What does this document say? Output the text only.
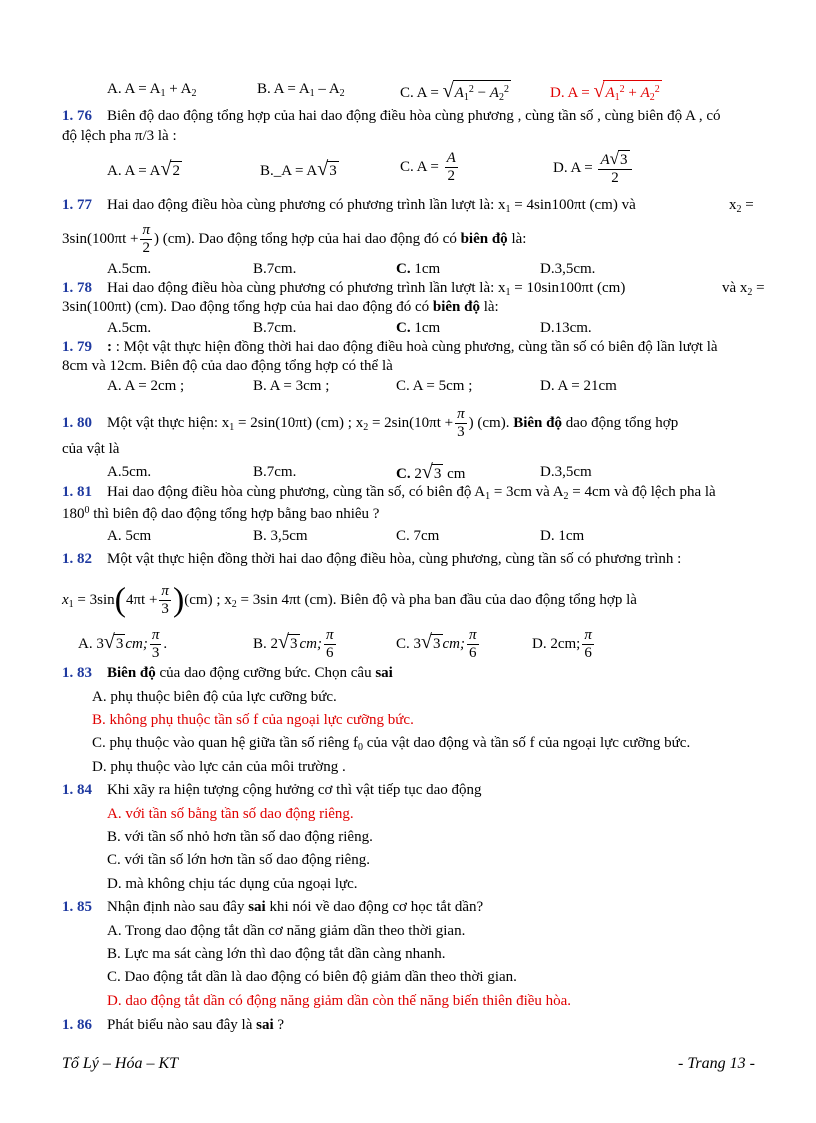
A. $A = A_1 + A_2$	B. $A = A_1 - A_2$	C. $A = √A_1^2 - A_2^2$	D. $A = √A_1^2 + A_2^2$
1. 76 Biên độ dao động tổng hợp của hai dao động điều hòa cùng phương , cùng tần số , cùng biên độ A , có
độ lệch pha π/3 là :
A. A = A√2	B._A = A√3	C. $A = \frac{A}{2}$	D. $A = \frac{A√3}{2}$
1. 77 Hai dao động điều hòa cùng phương có phương trình lần lượt là: $x_1 = 4\sin 100\pi t$ (cm) và	$x_2$ =
$3\sin(100\pi t + \frac{\pi}{2}$ ) (cm). Dao động tổng hợp của hai dao động đó có biên độ là:
A.5cm.	B.7cm.	C. 1cm	D.3,5cm.
1. 78 Hai dao động điều hòa cùng phương có phương trình lần lượt là: $x_1 = 10\sin 100\pi t$ (cm)	và $x_2$ =
3sin(100πt) (cm). Dao động tổng hợp của hai dao động đó có biên độ là:
A.5cm.	B.7cm.	C. 1cm	D.13cm.
1. 79 : : Một vật thực hiện đồng thời hai dao động điều hoà cùng phương, cùng tần số có biên độ lần lượt là
8cm và 12cm. Biên độ của dao động tổng hợp có thể là
A. A = 2cm ;	B. A = 3cm ;	C. A = 5cm ;	D. A = 21cm
1. 80 Một vật thực hiện: $x_1 = 2\sin(10\pi t)$ (cm) ; $x_2 = 2\sin(10\pi t + \frac{\pi}{3}$ ) (cm). Biên độ dao động tổng hợp
của vật là
A.5cm.	B.7cm.	C. 2√3 cm	D.3,5cm
1. 81 Hai dao động điều hòa cùng phương, cùng tần số, có biên độ $A_1 = 3cm$ và $A_2 = 4cm$ và độ lệch pha là
$180^0$ thì biên độ dao động tổng hợp bằng bao nhiêu ?
A. 5cm	B. 3,5cm	C. 7cm	D. 1cm
1. 82 Một vật thực hiện đồng thời hai dao động điều hòa, cùng phương, cùng tần số có phương trình :
$x_1 = 3\sin(4\pi t + \frac{\pi}{3} )(cm)$ ; $x_2 = 3\sin$ 4πt (cm). Biên độ và pha ban đầu của dao động tổng hợp là
A. 3√3 cm; $\frac{\pi}{3}$ .	B. 2√3 cm; $\frac{\pi}{6}$	C. 3√3 cm; $\frac{\pi}{6}$	D. 2cm; $\frac{\pi}{6}$
1. 83 Biên độ của dao động cưỡng bức. Chọn câu sai
A. phụ thuộc biên độ của lực cưỡng bức.
B. không phụ thuộc tần số f của ngoại lực cưỡng bức.
C. phụ thuộc vào quan hệ giữa tần số riêng $f_0$ của vật dao động và tần số f của ngoại lực cưỡng bức.
D. phụ thuộc vào lực cản của môi trường .
1. 84 Khi xãy ra hiện tượng cộng hưởng cơ thì vật tiếp tục dao động
A. với tần số bằng tần số dao động riêng.
B. với tần số nhỏ hơn tần số dao động riêng.
C. với tần số lớn hơn tần số dao động riêng.
D. mà không chịu tác dụng của ngoại lực.
1. 85 Nhận định nào sau đây sai khi nói về dao động cơ học tắt dần?
A. Trong dao động tắt dần cơ năng giảm dần theo thời gian.
B. Lực ma sát càng lớn thì dao động tắt dần càng nhanh.
C. Dao động tắt dần là dao động có biên độ giảm dần theo thời gian.
D. dao động tắt dần có động năng giảm dần còn thế năng biến thiên điều hòa.
1. 86 Phát biểu nào sau đây là sai ?
Tổ Lý – Hóa – KT	- Trang 13 -
